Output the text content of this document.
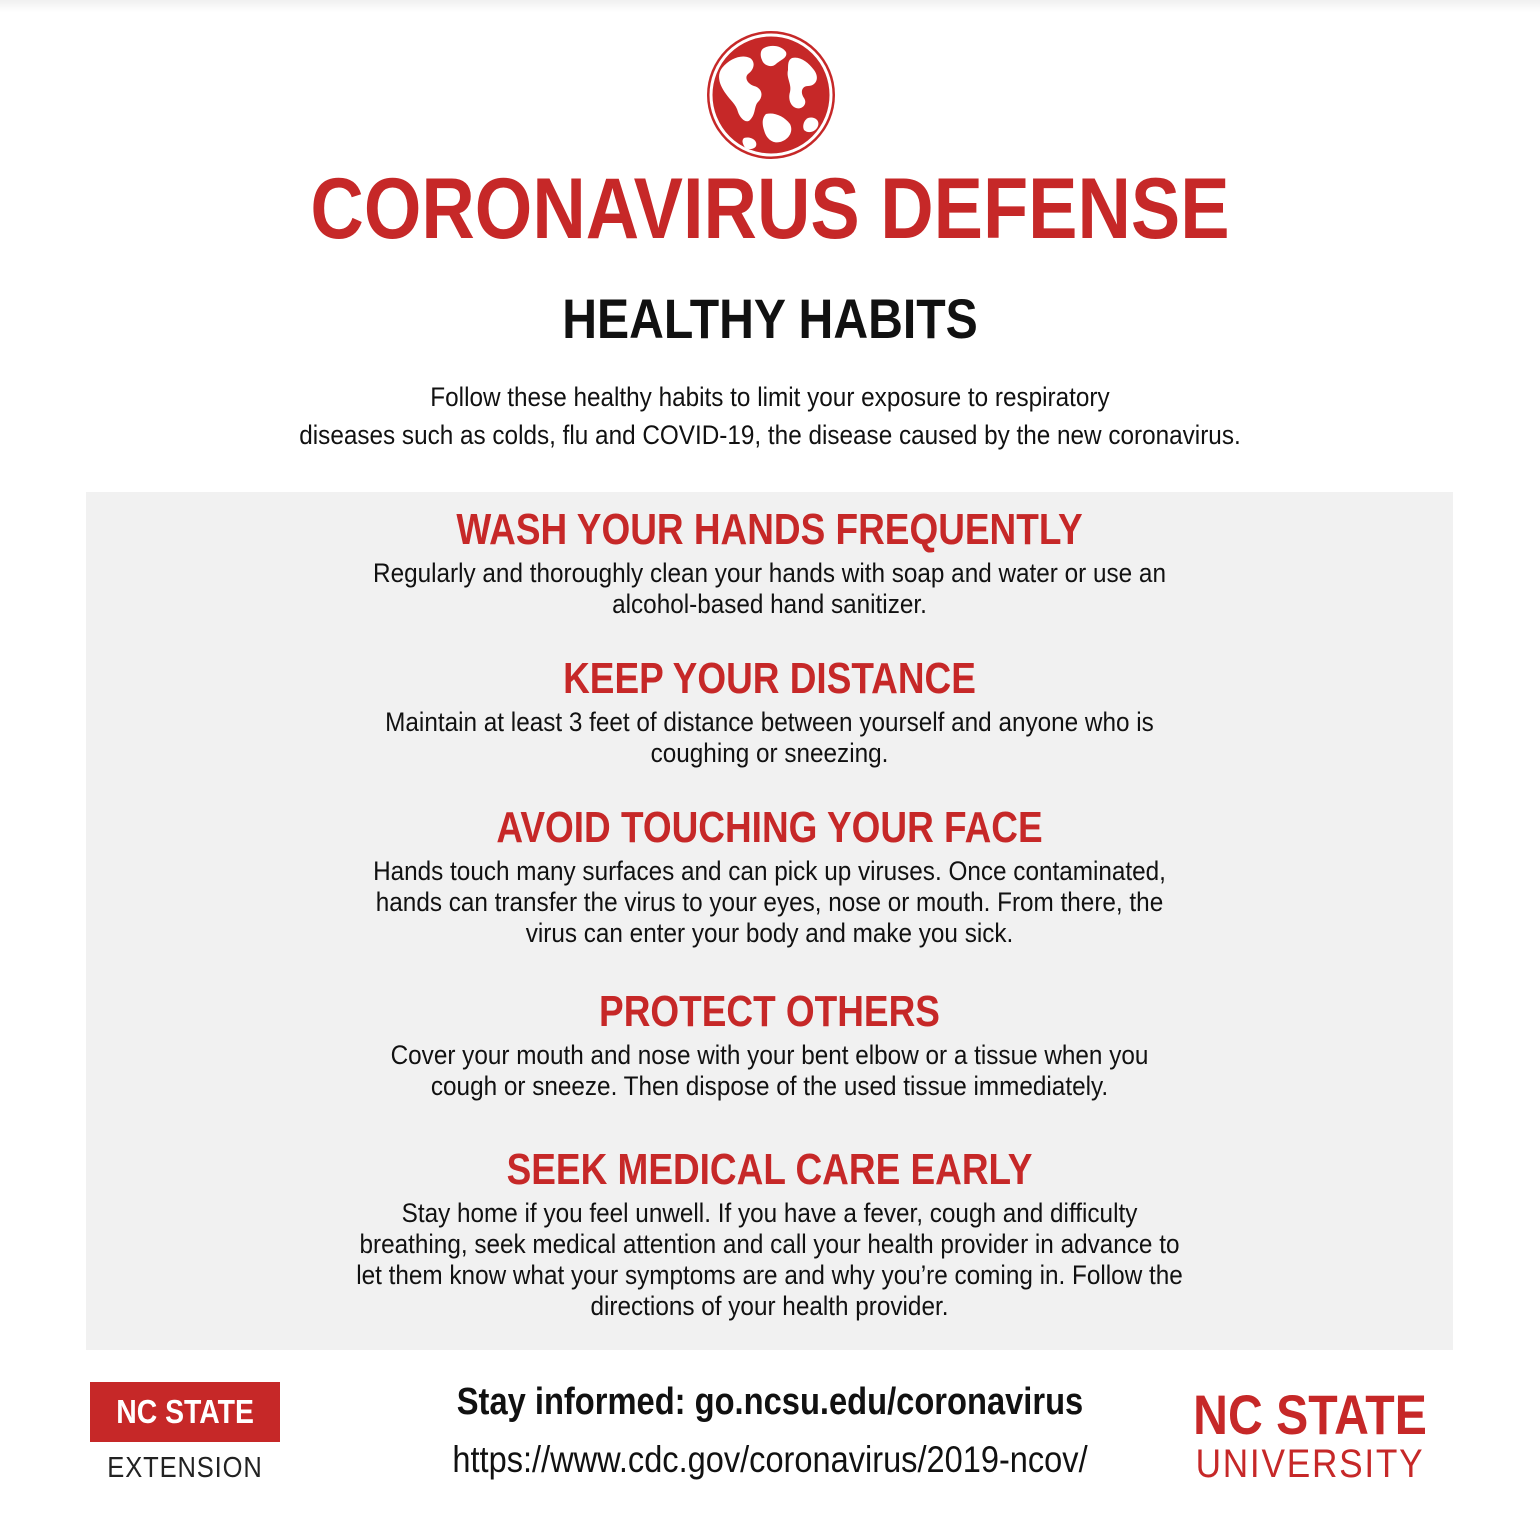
CORONAVIRUS DEFENSE
HEALTHY HABITS
Follow these healthy habits to limit your exposure to respiratory
diseases such as colds, flu and COVID-19, the disease caused by the new coronavirus.
WASH YOUR HANDS FREQUENTLY
Regularly and thoroughly clean your hands with soap and water or use an
alcohol-based hand sanitizer.
KEEP YOUR DISTANCE
Maintain at least 3 feet of distance between yourself and anyone who is
coughing or sneezing.
AVOID TOUCHING YOUR FACE
Hands touch many surfaces and can pick up viruses. Once contaminated,
hands can transfer the virus to your eyes, nose or mouth. From there, the
virus can enter your body and make you sick.
PROTECT OTHERS
Cover your mouth and nose with your bent elbow or a tissue when you
cough or sneeze. Then dispose of the used tissue immediately.
SEEK MEDICAL CARE EARLY
Stay home if you feel unwell. If you have a fever, cough and difficulty
breathing, seek medical attention and call your health provider in advance to
let them know what your symptoms are and why you’re coming in. Follow the
directions of your health provider.
NC STATE
EXTENSION
Stay informed: go.ncsu.edu/coronavirus
https://www.cdc.gov/coronavirus/2019-ncov/
NC STATE
UNIVERSITY
